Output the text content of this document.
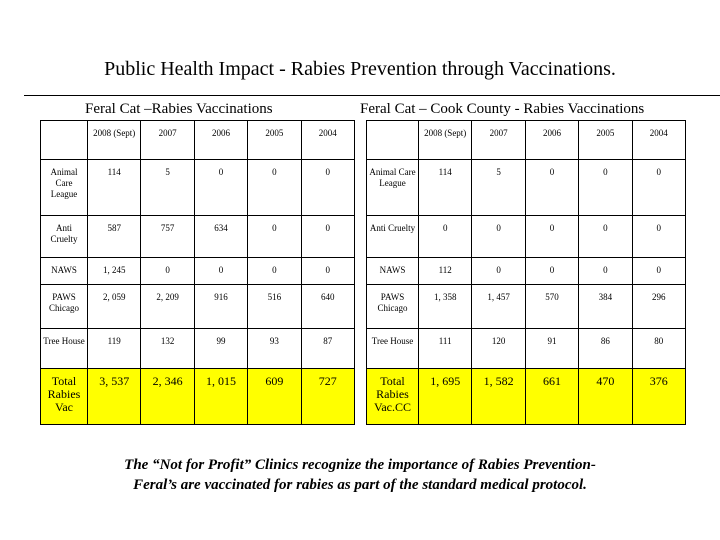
Public Health Impact - Rabies Prevention through Vaccinations.
Feral Cat –Rabies Vaccinations	Feral Cat – Cook County - Rabies Vaccinations
	2008 (Sept)	2007	2006	2005	2004
Animal Care League	114	5	0	0	0
Anti Cruelty	587	757	634	0	0
NAWS	1, 245	0	0	0	0
PAWS Chicago	2, 059	2, 209	916	516	640
Tree House	119	132	99	93	87
Total Rabies Vac	3, 537	2, 346	1, 015	609	727
	2008 (Sept)	2007	2006	2005	2004
Animal Care League	114	5	0	0	0
Anti Cruelty	0	0	0	0	0
NAWS	112	0	0	0	0
PAWS Chicago	1, 358	1, 457	570	384	296
Tree House	111	120	91	86	80
Total Rabies Vac.CC	1, 695	1, 582	661	470	376
The “Not for Profit” Clinics recognize the importance of Rabies Prevention-
Feral’s are vaccinated for rabies as part of the standard medical protocol.
